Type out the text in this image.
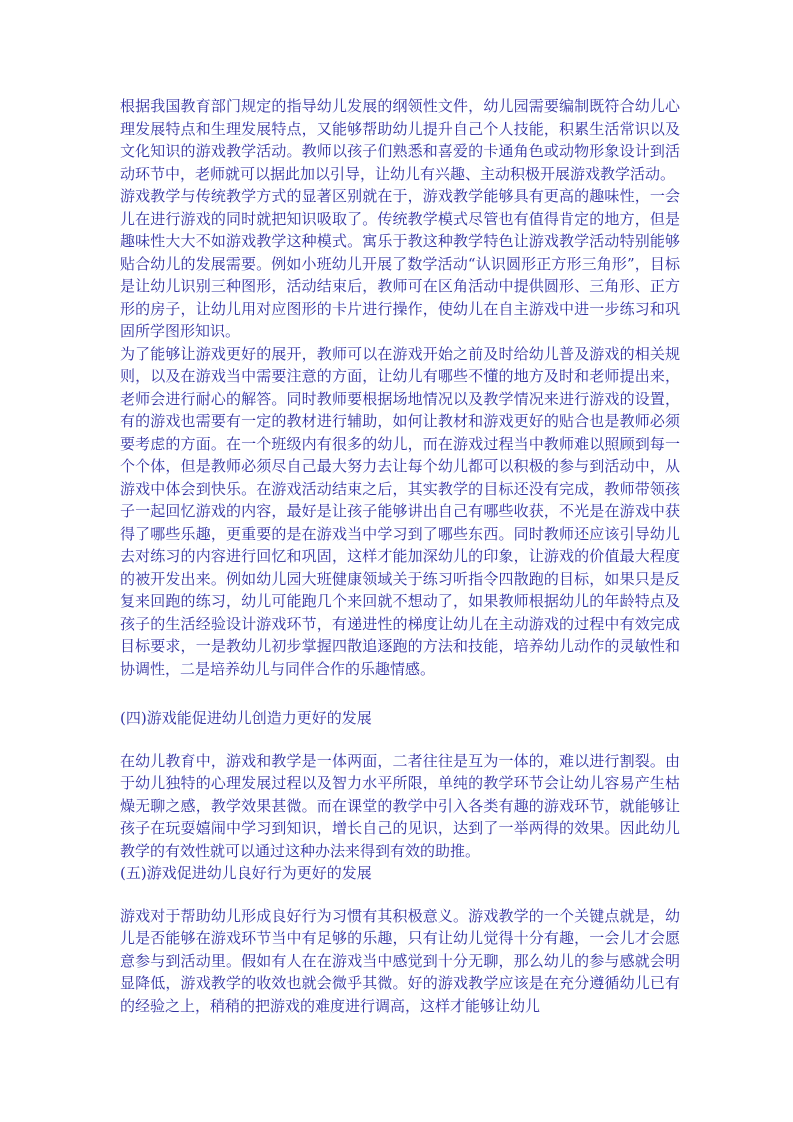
根据我国教育部门规定的指导幼儿发展的纲领性文件，幼儿园需要编制既符合幼儿心理发展特点和生理发展特点，又能够帮助幼儿提升自己个人技能，积累生活常识以及文化知识的游戏教学活动。教师以孩子们熟悉和喜爱的卡通角色或动物形象设计到活动环节中，老师就可以据此加以引导，让幼儿有兴趣、主动积极开展游戏教学活动。

游戏教学与传统教学方式的显著区别就在于，游戏教学能够具有更高的趣味性，一会儿在进行游戏的同时就把知识吸取了。传统教学模式尽管也有值得肯定的地方，但是趣味性大大不如游戏教学这种模式。寓乐于教这种教学特色让游戏教学活动特别能够贴合幼儿的发展需要。例如小班幼儿开展了数学活动“认识圆形正方形三角形”，目标是让幼儿识别三种图形，活动结束后，教师可在区角活动中提供圆形、三角形、正方形的房子，让幼儿用对应图形的卡片进行操作，使幼儿在自主游戏中进一步练习和巩固所学图形知识。

为了能够让游戏更好的展开，教师可以在游戏开始之前及时给幼儿普及游戏的相关规则，以及在游戏当中需要注意的方面，让幼儿有哪些不懂的地方及时和老师提出来，老师会进行耐心的解答。同时教师要根据场地情况以及教学情况来进行游戏的设置，有的游戏也需要有一定的教材进行辅助，如何让教材和游戏更好的贴合也是教师必须要考虑的方面。在一个班级内有很多的幼儿，而在游戏过程当中教师难以照顾到每一个个体，但是教师必须尽自己最大努力去让每个幼儿都可以积极的参与到活动中，从游戏中体会到快乐。在游戏活动结束之后，其实教学的目标还没有完成，教师带领孩子一起回忆游戏的内容，最好是让孩子能够讲出自己有哪些收获，不光是在游戏中获得了哪些乐趣，更重要的是在游戏当中学习到了哪些东西。同时教师还应该引导幼儿去对练习的内容进行回忆和巩固，这样才能加深幼儿的印象，让游戏的价值最大程度的被开发出来。例如幼儿园大班健康领域关于练习听指令四散跑的目标，如果只是反复来回跑的练习，幼儿可能跑几个来回就不想动了，如果教师根据幼儿的年龄特点及孩子的生活经验设计游戏环节，有递进性的梯度让幼儿在主动游戏的过程中有效完成目标要求，一是教幼儿初步掌握四散追逐跑的方法和技能，培养幼儿动作的灵敏性和协调性，二是培养幼儿与同伴合作的乐趣情感。

(四)游戏能促进幼儿创造力更好的发展

在幼儿教育中，游戏和教学是一体两面，二者往往是互为一体的，难以进行割裂。由于幼儿独特的心理发展过程以及智力水平所限，单纯的教学环节会让幼儿容易产生枯燥无聊之感，教学效果甚微。而在课堂的教学中引入各类有趣的游戏环节，就能够让孩子在玩耍嬉闹中学习到知识，增长自己的见识，达到了一举两得的效果。因此幼儿教学的有效性就可以通过这种办法来得到有效的助推。

(五)游戏促进幼儿良好行为更好的发展

游戏对于帮助幼儿形成良好行为习惯有其积极意义。游戏教学的一个关键点就是，幼儿是否能够在游戏环节当中有足够的乐趣，只有让幼儿觉得十分有趣，一会儿才会愿意参与到活动里。假如有人在在游戏当中感觉到十分无聊，那么幼儿的参与感就会明显降低，游戏教学的收效也就会微乎其微。好的游戏教学应该是在充分遵循幼儿已有的经验之上，稍稍的把游戏的难度进行调高，这样才能够让幼儿
